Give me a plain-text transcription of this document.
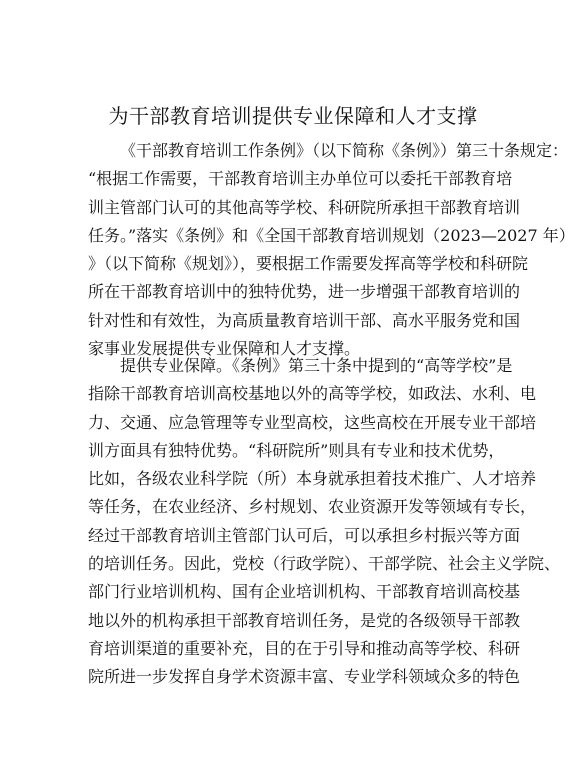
为干部教育培训提供专业保障和人才支撑
《干部教育培训工作条例》（以下简称《条例》）第三十条规定：
“根据工作需要，干部教育培训主办单位可以委托干部教育培
训主管部门认可的其他高等学校、科研院所承担干部教育培训
任务。”落实《条例》和《全国干部教育培训规划（2023—2027 年）
》（以下简称《规划》），要根据工作需要发挥高等学校和科研院
所在干部教育培训中的独特优势，进一步增强干部教育培训的
针对性和有效性，为高质量教育培训干部、高水平服务党和国
家事业发展提供专业保障和人才支撑。
提供专业保障。《条例》第三十条中提到的“高等学校”是
指除干部教育培训高校基地以外的高等学校，如政法、水利、电
力、交通、应急管理等专业型高校，这些高校在开展专业干部培
训方面具有独特优势。“科研院所”则具有专业和技术优势，
比如，各级农业科学院（所）本身就承担着技术推广、人才培养
等任务，在农业经济、乡村规划、农业资源开发等领域有专长，
经过干部教育培训主管部门认可后，可以承担乡村振兴等方面
的培训任务。因此，党校（行政学院）、干部学院、社会主义学院、
部门行业培训机构、国有企业培训机构、干部教育培训高校基
地以外的机构承担干部教育培训任务，是党的各级领导干部教
育培训渠道的重要补充，目的在于引导和推动高等学校、科研
院所进一步发挥自身学术资源丰富、专业学科领域众多的特色
